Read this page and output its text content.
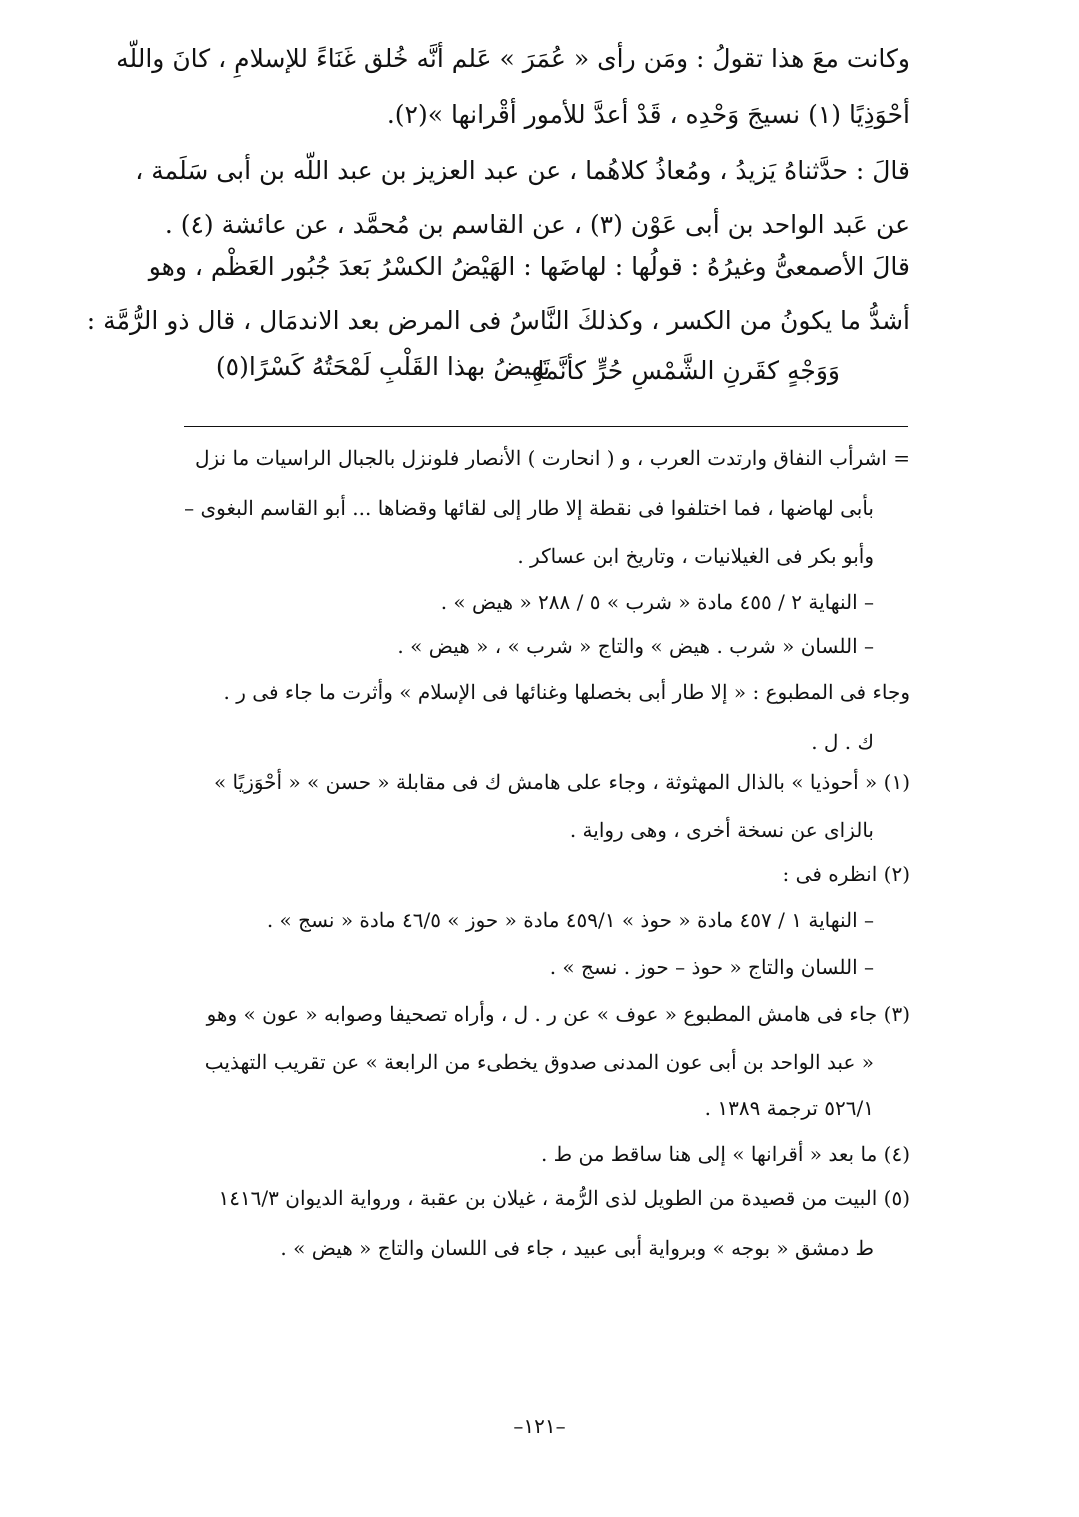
وكانت معَ هذا تقولُ : ومَن رأى « عُمَرَ » عَلم أنَّه خُلق غَنَاءً للإسلامِ ، كانَ واللّه
أحْوَذِيًا (١) نسيجَ وَحْدِه ، قَدْ أعدَّ للأمور أقْرانها »(٢).
قالَ : حدَّثناهُ يَزيدُ ، ومُعاذُ كلاهُما ، عن عبد العزيز بن عبد اللّه بن أبى سَلَمة ،
عن عَبد الواحد بن أبى عَوْن (٣) ، عن القاسم بن مُحمَّد ، عن عائشة (٤) .
قالَ الأصمعىُّ وغيرُهُ : قولُها : لهاضَها : الهَيْضُ الكسْرُ بَعدَ جُبُور العَظْم ، وهو
أشدُّ ما يكونُ من الكسر ، وكذلكَ النَّاسُ فى المرض بعد الاندمَال ، قال ذو الرُّمَّة :
وَوَجْهٍ كقَرنِ الشَّمْسِ حُرٍّ كأنَّما
تَهِيضُ بهذا القَلْبِ لَمْحَتُهُ كَسْرًا(٥)
= اشرأب النفاق وارتدت العرب ، و ( انحارت ) الأنصار فلونزل بالجبال الراسيات ما نزل
بأبى لهاضها ، فما اختلفوا فى نقطة إلا طار إلى لقائها وقضاها ... أبو القاسم البغوى –
وأبو بكر فى الغيلانيات ، وتاريخ ابن عساكر .
– النهاية ٢ / ٤٥٥ مادة « شرب » ٥ / ٢٨٨ « هيض » .
– اللسان « شرب . هيض » والتاج « شرب » ، « هيض » .
وجاء فى المطبوع : « إلا طار أبى بخصلها وغنائها فى الإسلام » وأثرت ما جاء فى ر .
ك . ل .
(١) « أحوذيا » بالذال المهثوثة ، وجاء على هامش ك فى مقابلة « حسن » « أحْوَزيًا »
بالزاى عن نسخة أخرى ، وهى رواية .
(٢) انظره فى :
– النهاية ١ / ٤٥٧ مادة « حوذ » ٤٥٩/١ مادة « حوز » ٤٦/٥ مادة « نسج » .
– اللسان والتاج « حوذ – حوز . نسج » .
(٣) جاء فى هامش المطبوع « عوف » عن ر . ل ، وأراه تصحيفا وصوابه « عون » وهو
« عبد الواحد بن أبى عون المدنى صدوق يخطىء من الرابعة » عن تقريب التهذيب
٥٢٦/١ ترجمة ١٣٨٩ .
(٤) ما بعد « أقرانها » إلى هنا ساقط من ط .
(٥) البيت من قصيدة من الطويل لذى الرُّمة ، غيلان بن عقبة ، ورواية الديوان ١٤١٦/٣
ط دمشق « بوجه » وبرواية أبى عبيد ، جاء فى اللسان والتاج « هيض » .
–١٢١–
